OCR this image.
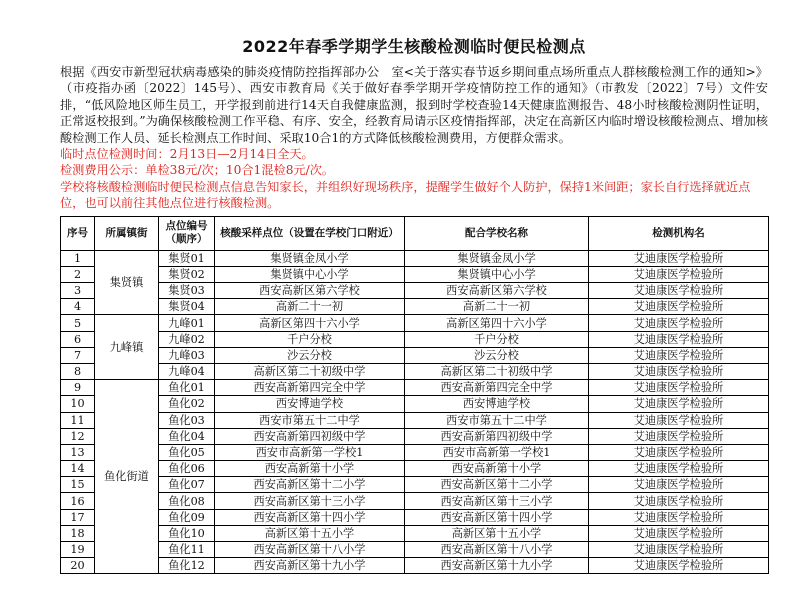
2022年春季学期学生核酸检测临时便民检测点

根据《西安市新型冠状病毒感染的肺炎疫情防控指挥部办公　室<关于落实春节返乡期间重点场所重点人群核酸检测工作的通知>》（市疫指办函〔2022〕145号）、西安市教育局《关于做好春季学期开学疫情防控工作的通知》（市教发〔2022〕7号）文件安排，“低风险地区师生员工，开学报到前进行14天自我健康监测，报到时学校查验14天健康监测报告、48小时核酸检测阴性证明，正常返校报到。”为确保核酸检测工作平稳、有序、安全，经教育局请示区疫情指挥部，决定在高新区内临时增设核酸检测点、增加核酸检测工作人员、延长检测点工作时间、采取10合1的方式降低核酸检测费用，方便群众需求。

临时点位检测时间：2月13日—2月14日全天。

检测费用公示：单检38元/次；10合1混检8元/次。

学校将核酸检测临时便民检测点信息告知家长，并组织好现场秩序，提醒学生做好个人防护，保持1米间距；家长自行选择就近点位，也可以前往其他点位进行核酸检测。

序号	所属镇街	点位编号（顺序）	核酸采样点位（设置在学校门口附近）	配合学校名称	检测机构名
1	集贤镇	集贤01	集贤镇金凤小学	集贤镇金凤小学	艾迪康医学检验所
2		集贤02	集贤镇中心小学	集贤镇中心小学	艾迪康医学检验所
3		集贤03	西安高新区第六学校	西安高新区第六学校	艾迪康医学检验所
4		集贤04	高新二十一初	高新二十一初	艾迪康医学检验所
5	九峰镇	九峰01	高新区第四十六小学	高新区第四十六小学	艾迪康医学检验所
6		九峰02	千户分校	千户分校	艾迪康医学检验所
7		九峰03	沙云分校	沙云分校	艾迪康医学检验所
8		九峰04	高新区第二十初级中学	高新区第二十初级中学	艾迪康医学检验所
9	鱼化街道	鱼化01	西安高新第四完全中学	西安高新第四完全中学	艾迪康医学检验所
10		鱼化02	西安博迪学校	西安博迪学校	艾迪康医学检验所
11		鱼化03	西安市第五十二中学	西安市第五十二中学	艾迪康医学检验所
12		鱼化04	西安高新第四初级中学	西安高新第四初级中学	艾迪康医学检验所
13		鱼化05	西安市高新第一学校1	西安市高新第一学校1	艾迪康医学检验所
14		鱼化06	西安高新第十小学	西安高新第十小学	艾迪康医学检验所
15		鱼化07	西安高新区第十二小学	西安高新区第十二小学	艾迪康医学检验所
16		鱼化08	西安高新区第十三小学	西安高新区第十三小学	艾迪康医学检验所
17		鱼化09	西安高新区第十四小学	西安高新区第十四小学	艾迪康医学检验所
18		鱼化10	高新区第十五小学	高新区第十五小学	艾迪康医学检验所
19		鱼化11	西安高新区第十八小学	西安高新区第十八小学	艾迪康医学检验所
20		鱼化12	西安高新区第十九小学	西安高新区第十九小学	艾迪康医学检验所
